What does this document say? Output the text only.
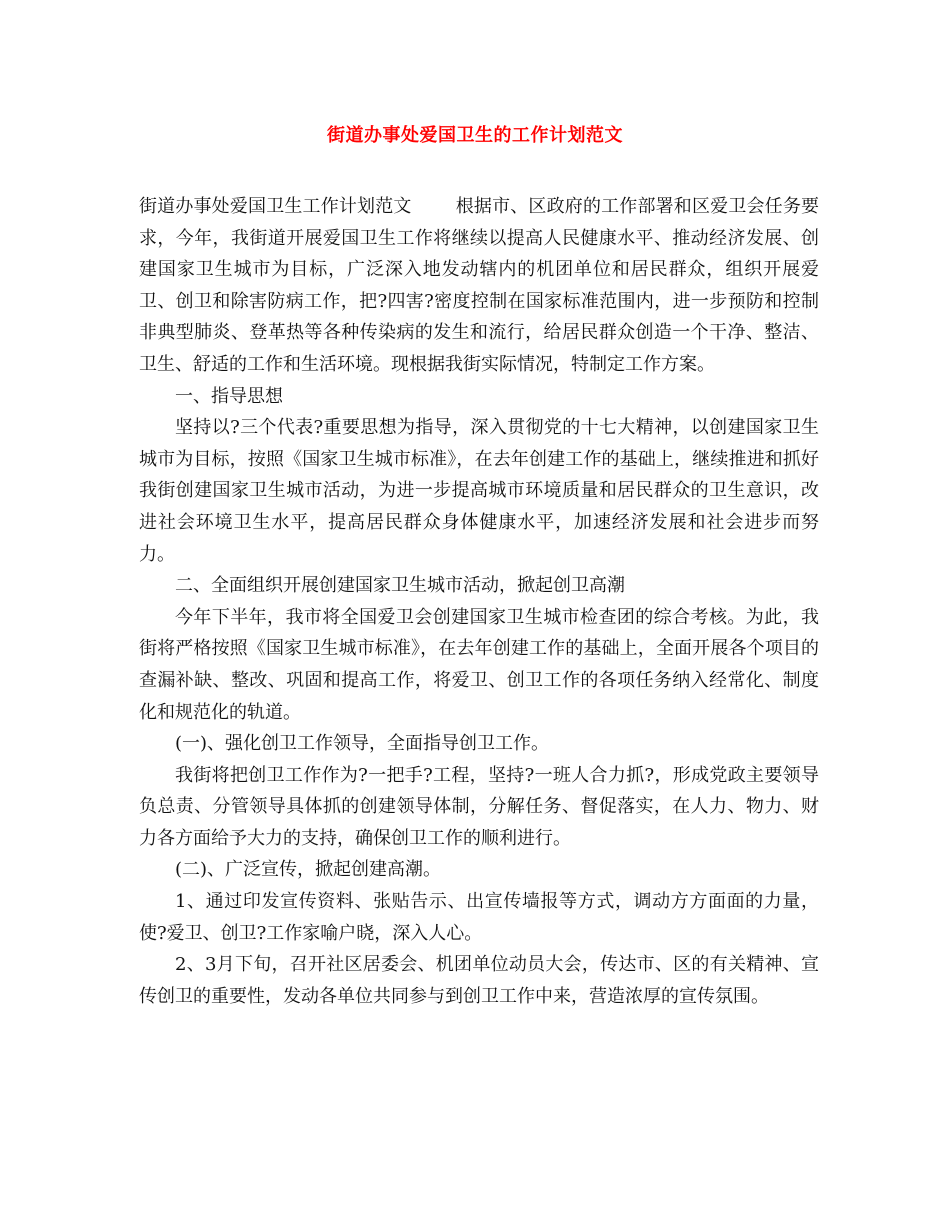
街道办事处爱国卫生的工作计划范文

街道办事处爱国卫生工作计划范文 根据市、区政府的工作部署和区爱卫会任务要求，今年，我街道开展爱国卫生工作将继续以提高人民健康水平、推动经济发展、创建国家卫生城市为目标，广泛深入地发动辖内的机团单位和居民群众，组织开展爱卫、创卫和除害防病工作，把?四害?密度控制在国家标准范围内，进一步预防和控制非典型肺炎、登革热等各种传染病的发生和流行，给居民群众创造一个干净、整洁、卫生、舒适的工作和生活环境。现根据我街实际情况，特制定工作方案。

一、指导思想

坚持以?三个代表?重要思想为指导，深入贯彻党的十七大精神，以创建国家卫生城市为目标，按照《国家卫生城市标准》，在去年创建工作的基础上，继续推进和抓好我街创建国家卫生城市活动，为进一步提高城市环境质量和居民群众的卫生意识，改进社会环境卫生水平，提高居民群众身体健康水平，加速经济发展和社会进步而努力。

二、全面组织开展创建国家卫生城市活动，掀起创卫高潮

今年下半年，我市将全国爱卫会创建国家卫生城市检查团的综合考核。为此，我街将严格按照《国家卫生城市标准》，在去年创建工作的基础上，全面开展各个项目的查漏补缺、整改、巩固和提高工作，将爱卫、创卫工作的各项任务纳入经常化、制度化和规范化的轨道。

(一)、强化创卫工作领导，全面指导创卫工作。

我街将把创卫工作作为?一把手?工程，坚持?一班人合力抓?，形成党政主要领导负总责、分管领导具体抓的创建领导体制，分解任务、督促落实，在人力、物力、财力各方面给予大力的支持，确保创卫工作的顺利进行。

(二)、广泛宣传，掀起创建高潮。

1、通过印发宣传资料、张贴告示、出宣传墙报等方式，调动方方面面的力量，使?爱卫、创卫?工作家喻户晓，深入人心。

2、3月下旬，召开社区居委会、机团单位动员大会，传达市、区的有关精神、宣传创卫的重要性，发动各单位共同参与到创卫工作中来，营造浓厚的宣传氛围。
